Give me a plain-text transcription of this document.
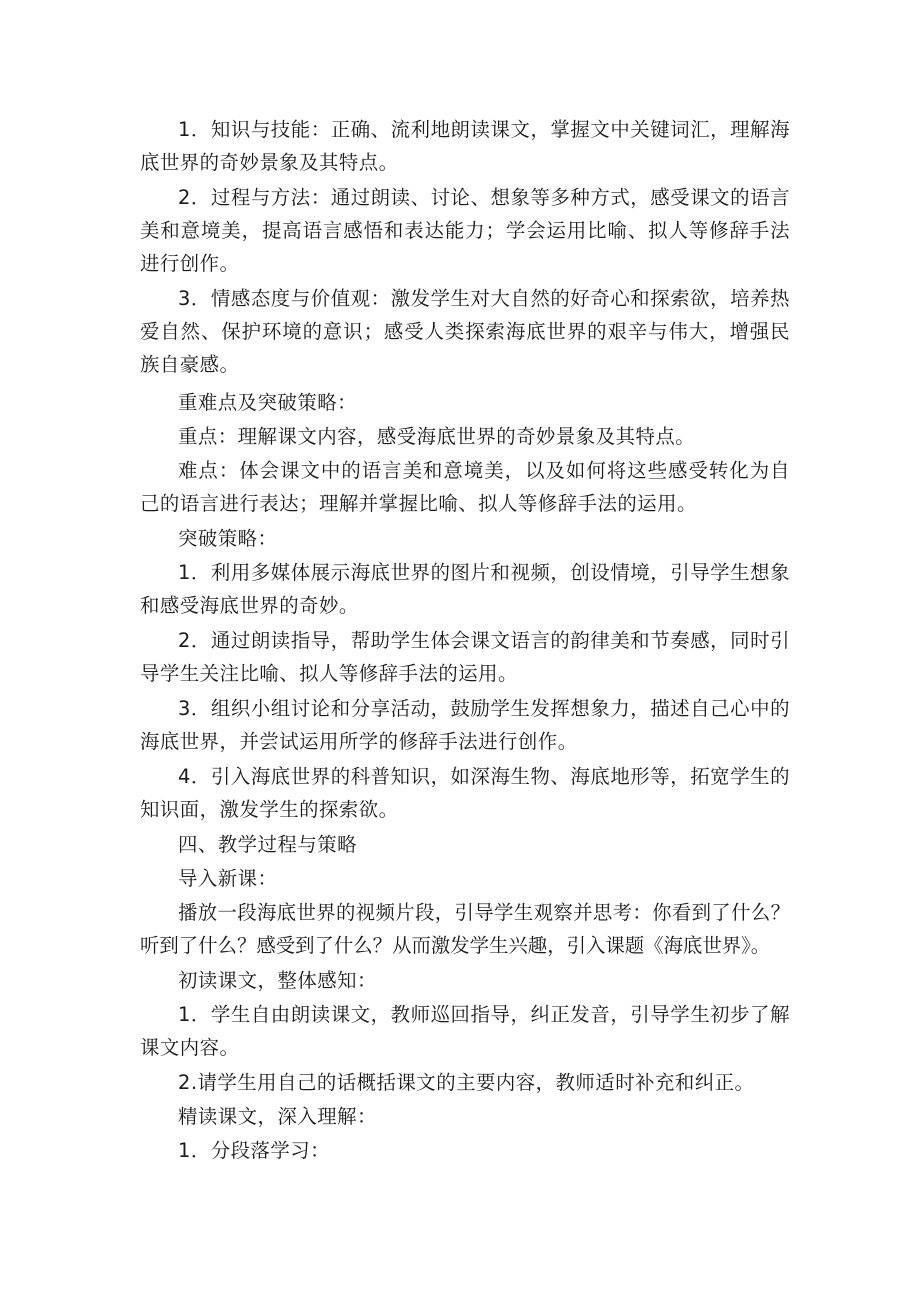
1．知识与技能：正确、流利地朗读课文，掌握文中关键词汇，理解海底世界的奇妙景象及其特点。

2．过程与方法：通过朗读、讨论、想象等多种方式，感受课文的语言美和意境美，提高语言感悟和表达能力；学会运用比喻、拟人等修辞手法进行创作。

3．情感态度与价值观：激发学生对大自然的好奇心和探索欲，培养热爱自然、保护环境的意识；感受人类探索海底世界的艰辛与伟大，增强民族自豪感。

重难点及突破策略：

重点：理解课文内容，感受海底世界的奇妙景象及其特点。

难点：体会课文中的语言美和意境美，以及如何将这些感受转化为自己的语言进行表达；理解并掌握比喻、拟人等修辞手法的运用。

突破策略：

1．利用多媒体展示海底世界的图片和视频，创设情境，引导学生想象和感受海底世界的奇妙。

2．通过朗读指导，帮助学生体会课文语言的韵律美和节奏感，同时引导学生关注比喻、拟人等修辞手法的运用。

3．组织小组讨论和分享活动，鼓励学生发挥想象力，描述自己心中的海底世界，并尝试运用所学的修辞手法进行创作。

4．引入海底世界的科普知识，如深海生物、海底地形等，拓宽学生的知识面，激发学生的探索欲。

四、教学过程与策略

导入新课：

播放一段海底世界的视频片段，引导学生观察并思考：你看到了什么？听到了什么？感受到了什么？从而激发学生兴趣，引入课题《海底世界》。

初读课文，整体感知：

1．学生自由朗读课文，教师巡回指导，纠正发音，引导学生初步了解课文内容。

2.请学生用自己的话概括课文的主要内容，教师适时补充和纠正。

精读课文，深入理解：

1．分段落学习：
